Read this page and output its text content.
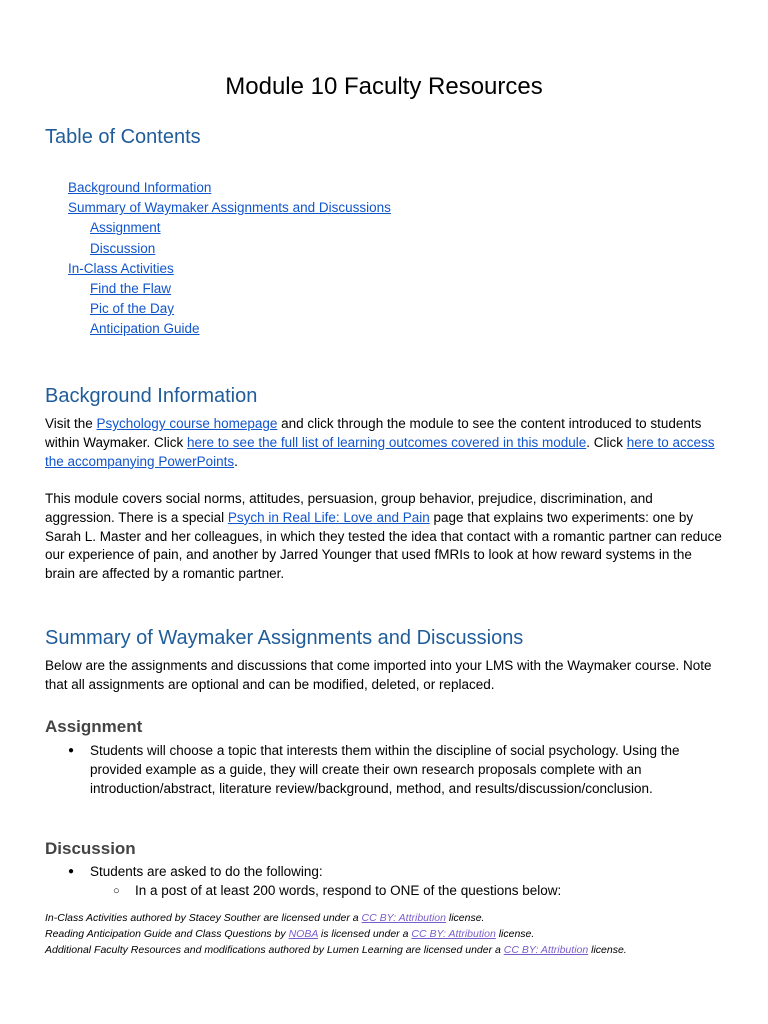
Module 10 Faculty Resources
Table of Contents
Background Information
Summary of Waymaker Assignments and Discussions
Assignment
Discussion
In-Class Activities
Find the Flaw
Pic of the Day
Anticipation Guide
Background Information

Visit the Psychology course homepage and click through the module to see the content introduced to students within Waymaker. Click here to see the full list of learning outcomes covered in this module. Click here to access the accompanying PowerPoints.

This module covers social norms, attitudes, persuasion, group behavior, prejudice, discrimination, and aggression. There is a special Psych in Real Life: Love and Pain page that explains two experiments: one by Sarah L. Master and her colleagues, in which they tested the idea that contact with a romantic partner can reduce our experience of pain, and another by Jarred Younger that used fMRIs to look at how reward systems in the brain are affected by a romantic partner.

Summary of Waymaker Assignments and Discussions

Below are the assignments and discussions that come imported into your LMS with the Waymaker course. Note that all assignments are optional and can be modified, deleted, or replaced.

Assignment
● Students will choose a topic that interests them within the discipline of social psychology. Using the provided example as a guide, they will create their own research proposals complete with an introduction/abstract, literature review/background, method, and results/discussion/conclusion.
Discussion
● Students are asked to do the following:
○ In a post of at least 200 words, respond to ONE of the questions below:
In-Class Activities authored by Stacey Souther are licensed under a CC BY: Attribution license.
Reading Anticipation Guide and Class Questions by NOBA is licensed under a CC BY: Attribution license.
Additional Faculty Resources and modifications authored by Lumen Learning are licensed under a CC BY: Attribution license.
